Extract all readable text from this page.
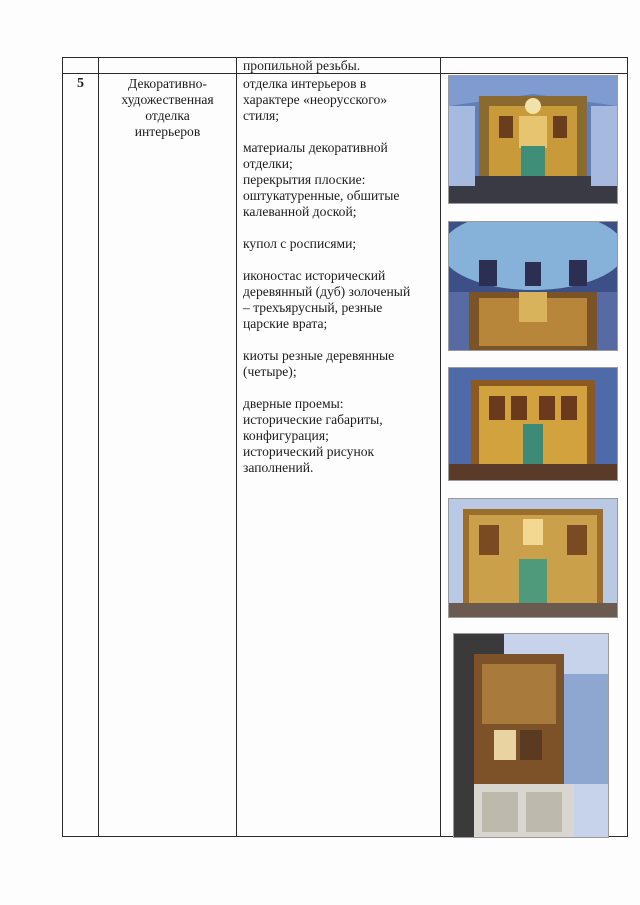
пропильной резьбы.
5	Декоративно-
художественная
отделка
интерьеров
отделка интерьеров в
характере «неорусского»
стиля;
материалы декоративной
отделки;
перекрытия плоские:
оштукатуренные, обшитые
калеванной доской;
купол с росписями;
иконостас исторический
деревянный (дуб) золоченый
– трехъярусный, резные
царские врата;
киоты резные деревянные
(четыре);
дверные проемы:
исторические габариты,
конфигурация;
исторический рисунок
заполнений.
